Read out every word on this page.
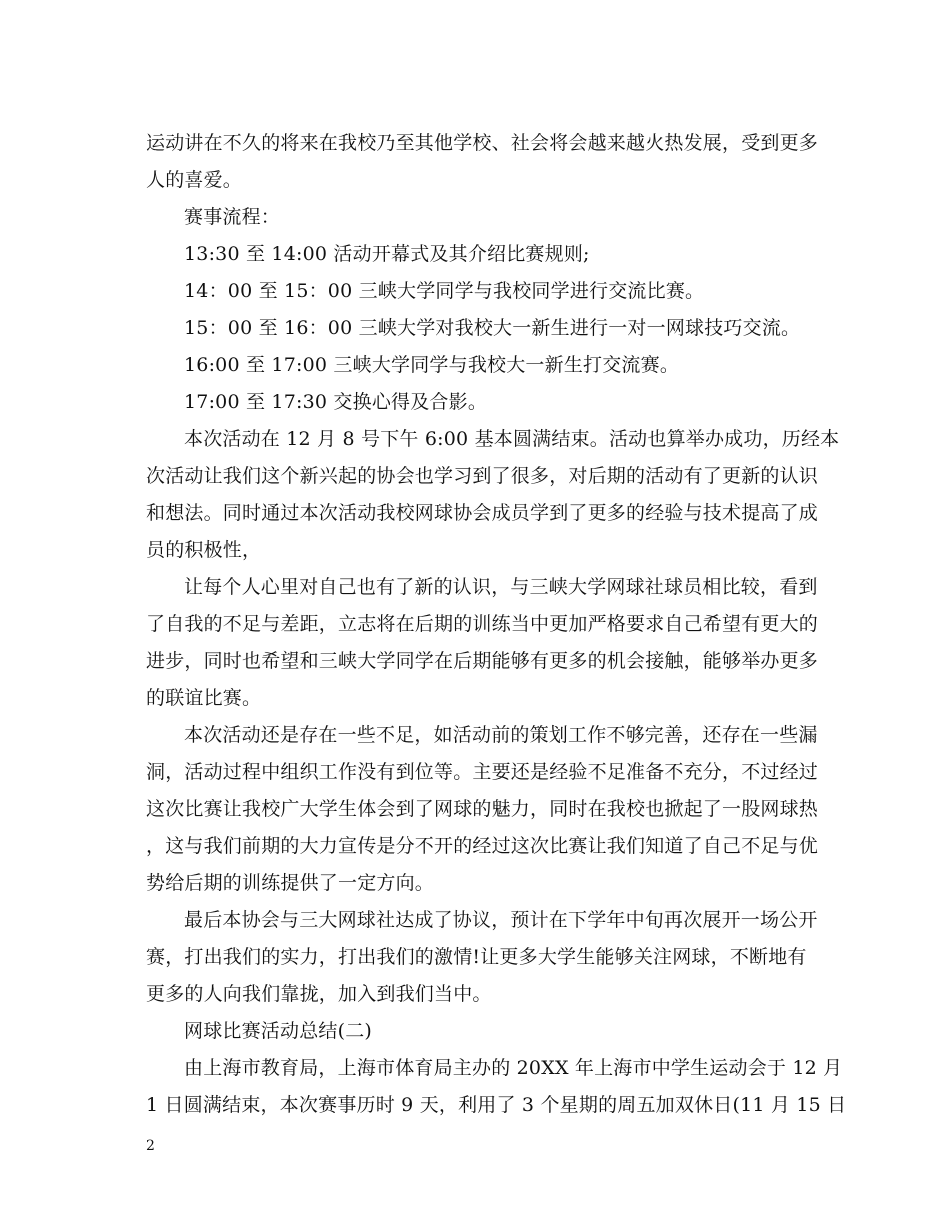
运动讲在不久的将来在我校乃至其他学校、社会将会越来越火热发展，受到更多
人的喜爱。
赛事流程：
13:30 至 14:00 活动开幕式及其介绍比赛规则;
14：00 至 15：00 三峡大学同学与我校同学进行交流比赛。
15：00 至 16：00 三峡大学对我校大一新生进行一对一网球技巧交流。
16:00 至 17:00 三峡大学同学与我校大一新生打交流赛。
17:00 至 17:30 交换心得及合影。
本次活动在 12 月 8 号下午 6:00 基本圆满结束。活动也算举办成功，历经本
次活动让我们这个新兴起的协会也学习到了很多，对后期的活动有了更新的认识
和想法。同时通过本次活动我校网球协会成员学到了更多的经验与技术提高了成
员的积极性，
让每个人心里对自己也有了新的认识，与三峡大学网球社球员相比较，看到
了自我的不足与差距，立志将在后期的训练当中更加严格要求自己希望有更大的
进步，同时也希望和三峡大学同学在后期能够有更多的机会接触，能够举办更多
的联谊比赛。
本次活动还是存在一些不足，如活动前的策划工作不够完善，还存在一些漏
洞，活动过程中组织工作没有到位等。主要还是经验不足准备不充分，不过经过
这次比赛让我校广大学生体会到了网球的魅力，同时在我校也掀起了一股网球热
，这与我们前期的大力宣传是分不开的经过这次比赛让我们知道了自己不足与优
势给后期的训练提供了一定方向。
最后本协会与三大网球社达成了协议，预计在下学年中旬再次展开一场公开
赛，打出我们的实力，打出我们的激情!让更多大学生能够关注网球，不断地有
更多的人向我们靠拢，加入到我们当中。
网球比赛活动总结(二)
由上海市教育局，上海市体育局主办的 20XX 年上海市中学生运动会于 12 月
1 日圆满结束，本次赛事历时 9 天，利用了 3 个星期的周五加双休日(11 月 15 日
2
